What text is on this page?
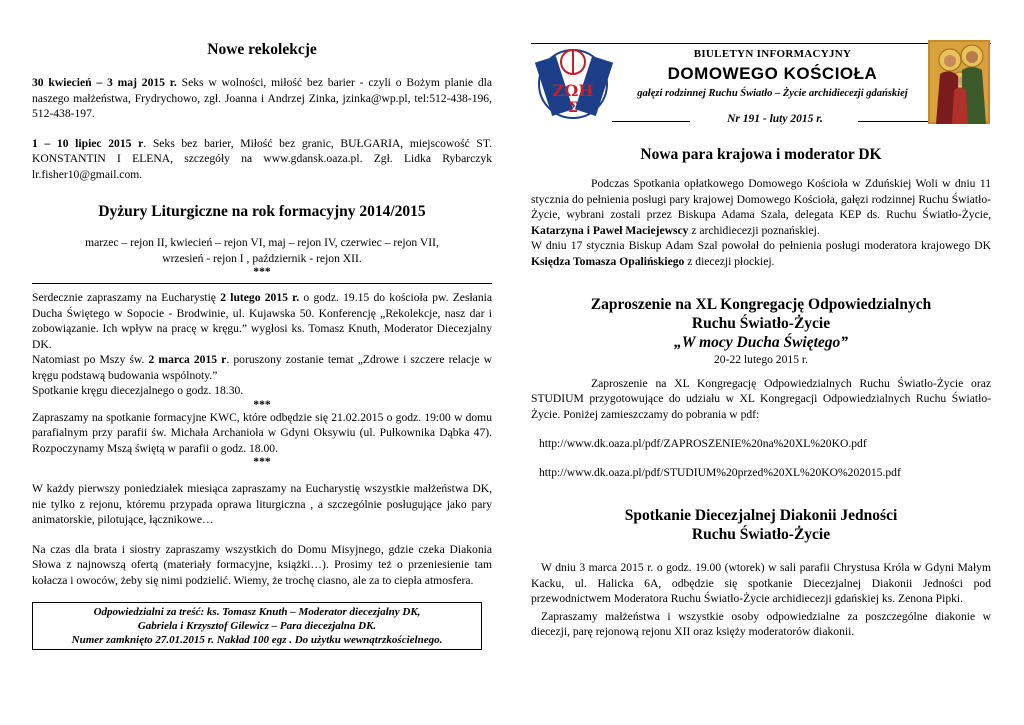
Nowe rekolekcje

30 kwiecień – 3 maj 2015 r. Seks w wolności, miłość bez barier - czyli o Bożym planie dla naszego małżeństwa, Frydrychowo, zgł. Joanna i Andrzej Zinka, jzinka@wp.pl, tel:512-438-196, 512-438-197.

1 – 10 lipiec 2015 r. Seks bez barier, Miłość bez granic, BUŁGARIA, miejscowość ST. KONSTANTIN I ELENA, szczegóły na www.gdansk.oaza.pl. Zgł. Lidka Rybarczyk lr.fisher10@gmail.com.

Dyżury Liturgiczne na rok formacyjny 2014/2015

marzec – rejon II, kwiecień – rejon VI, maj – rejon IV, czerwiec – rejon VII,

wrzesień - rejon I , październik - rejon XII.

***

Serdecznie zapraszamy na Eucharystię 2 lutego 2015 r. o godz. 19.15 do kościoła pw. Zesłania Ducha Świętego w Sopocie - Brodwinie, ul. Kujawska 50. Konferencję „Rekolekcje, nasz dar i zobowiązanie. Ich wpływ na pracę w kręgu.” wygłosi ks. Tomasz Knuth, Moderator Diecezjalny DK.

Natomiast po Mszy św. 2 marca 2015 r. poruszony zostanie temat „Zdrowe i szczere relacje w kręgu podstawą budowania wspólnoty.”

Spotkanie kręgu diecezjalnego o godz. 18.30.

***

Zapraszamy na spotkanie formacyjne KWC, które odbędzie się 21.02.2015 o godz. 19:00 w domu parafialnym przy parafii św. Michała Archanioła w Gdyni Oksywiu (ul. Pułkownika Dąbka 47). Rozpoczynamy Mszą świętą w parafii o godz. 18.00.

***

W każdy pierwszy poniedziałek miesiąca zapraszamy na Eucharystię wszystkie małżeństwa DK, nie tylko z rejonu, któremu przypada oprawa liturgiczna , a szczególnie posługujące jako pary animatorskie, pilotujące, łącznikowe…

Na czas dla brata i siostry zapraszamy wszystkich do Domu Misyjnego, gdzie czeka Diakonia Słowa z najnowszą ofertą (materiały formacyjne, książki…). Prosimy też o przeniesienie tam kołacza i owoców, żeby się nimi podzielić. Wiemy, że trochę ciasno, ale za to ciepła atmosfera.

Odpowiedzialni za treść: ks. Tomasz Knuth – Moderator diecezjalny DK,
Gabriela i Krzysztof Gilewicz – Para diecezjalna DK.
Numer zamknięto 27.01.2015 r. Nakład 100 egz . Do użytku wewnątrzkościelnego.
ΖΩΗ
Σ
BIULETYN INFORMACYJNY
DOMOWEGO KOŚCIOŁA
gałęzi rodzinnej Ruchu Światło – Życie archidiecezji gdańskiej
Nr 191 - luty 2015 r.
Nowa para krajowa i moderator DK

Podczas Spotkania opłatkowego Domowego Kościoła w Zduńskiej Woli w dniu 11 stycznia do pełnienia posługi pary krajowej Domowego Kościoła, gałęzi rodzinnej Ruchu Światło-Życie, wybrani zostali przez Biskupa Adama Szala, delegata KEP ds. Ruchu Światło-Życie, Katarzyna i Paweł Maciejewscy z archidiecezji poznańskiej.

W dniu 17 stycznia Biskup Adam Szal powołał do pełnienia posługi moderatora krajowego DK Księdza Tomasza Opalińskiego z diecezji płockiej.

Zaproszenie na XL Kongregację Odpowiedzialnych
Ruchu Światło-Życie
„W mocy Ducha Świętego”

20-22 lutego 2015 r.

Zaproszenie na XL Kongregację Odpowiedzialnych Ruchu Światło-Życie oraz STUDIUM przygotowujące do udziału w XL Kongregacji Odpowiedzialnych Ruchu Światło-Życie. Poniżej zamieszczamy do pobrania w pdf:

http://www.dk.oaza.pl/pdf/ZAPROSZENIE%20na%20XL%20KO.pdf

http://www.dk.oaza.pl/pdf/STUDIUM%20przed%20XL%20KO%202015.pdf

Spotkanie Diecezjalnej Diakonii Jedności
Ruchu Światło-Życie

W dniu 3 marca 2015 r. o godz. 19.00 (wtorek) w sali parafii Chrystusa Króla w Gdyni Małym Kacku, ul. Halicka 6A, odbędzie się spotkanie Diecezjalnej Diakonii Jedności pod przewodnictwem Moderatora Ruchu Światło-Życie archidiecezji gdańskiej ks. Zenona Pipki.

Zapraszamy małżeństwa i wszystkie osoby odpowiedzialne za poszczególne diakonie w diecezji, parę rejonową rejonu XII oraz księży moderatorów diakonii.
